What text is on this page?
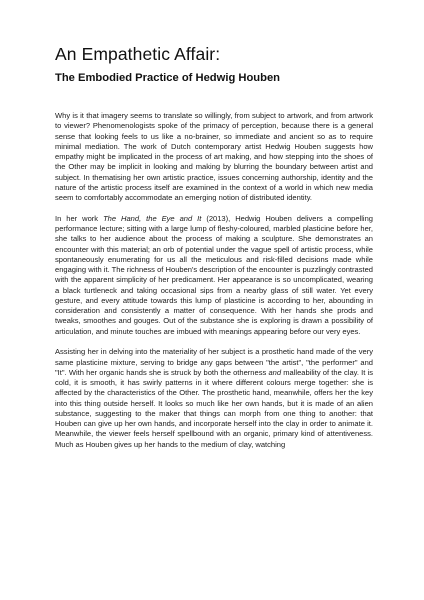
An Empathetic Affair:
The Embodied Practice of Hedwig Houben

Why is it that imagery seems to translate so willingly, from subject to artwork, and from artwork to viewer? Phenomenologists spoke of the primacy of perception, because there is a general sense that looking feels to us like a no-brainer, so immediate and ancient so as to require minimal mediation. The work of Dutch contemporary artist Hedwig Houben suggests how empathy might be implicated in the process of art making, and how stepping into the shoes of the Other may be implicit in looking and making by blurring the boundary between artist and subject. In thematising her own artistic practice, issues concerning authorship, identity and the nature of the artistic process itself are examined in the context of a world in which new media seem to comfortably accommodate an emerging notion of distributed identity.

In her work The Hand, the Eye and It (2013), Hedwig Houben delivers a compelling performance lecture; sitting with a large lump of fleshy-coloured, marbled plasticine before her, she talks to her audience about the process of making a sculpture. She demonstrates an encounter with this material; an orb of potential under the vague spell of artistic process, while spontaneously enumerating for us all the meticulous and risk-filled decisions made while engaging with it. The richness of Houben's description of the encounter is puzzlingly contrasted with the apparent simplicity of her predicament. Her appearance is so uncomplicated, wearing a black turtleneck and taking occasional sips from a nearby glass of still water. Yet every gesture, and every attitude towards this lump of plasticine is according to her, abounding in consideration and consistently a matter of consequence. With her hands she prods and tweaks, smoothes and gouges. Out of the substance she is exploring is drawn a possibility of articulation, and minute touches are imbued with meanings appearing before our very eyes.

Assisting her in delving into the materiality of her subject is a prosthetic hand made of the very same plasticine mixture, serving to bridge any gaps between "the artist", "the performer" and "It". With her organic hands she is struck by both the otherness and malleability of the clay. It is cold, it is smooth, it has swirly patterns in it where different colours merge together: she is affected by the characteristics of the Other. The prosthetic hand, meanwhile, offers her the key into this thing outside herself. It looks so much like her own hands, but it is made of an alien substance, suggesting to the maker that things can morph from one thing to another: that Houben can give up her own hands, and incorporate herself into the clay in order to animate it. Meanwhile, the viewer feels herself spellbound with an organic, primary kind of attentiveness. Much as Houben gives up her hands to the medium of clay, watching
